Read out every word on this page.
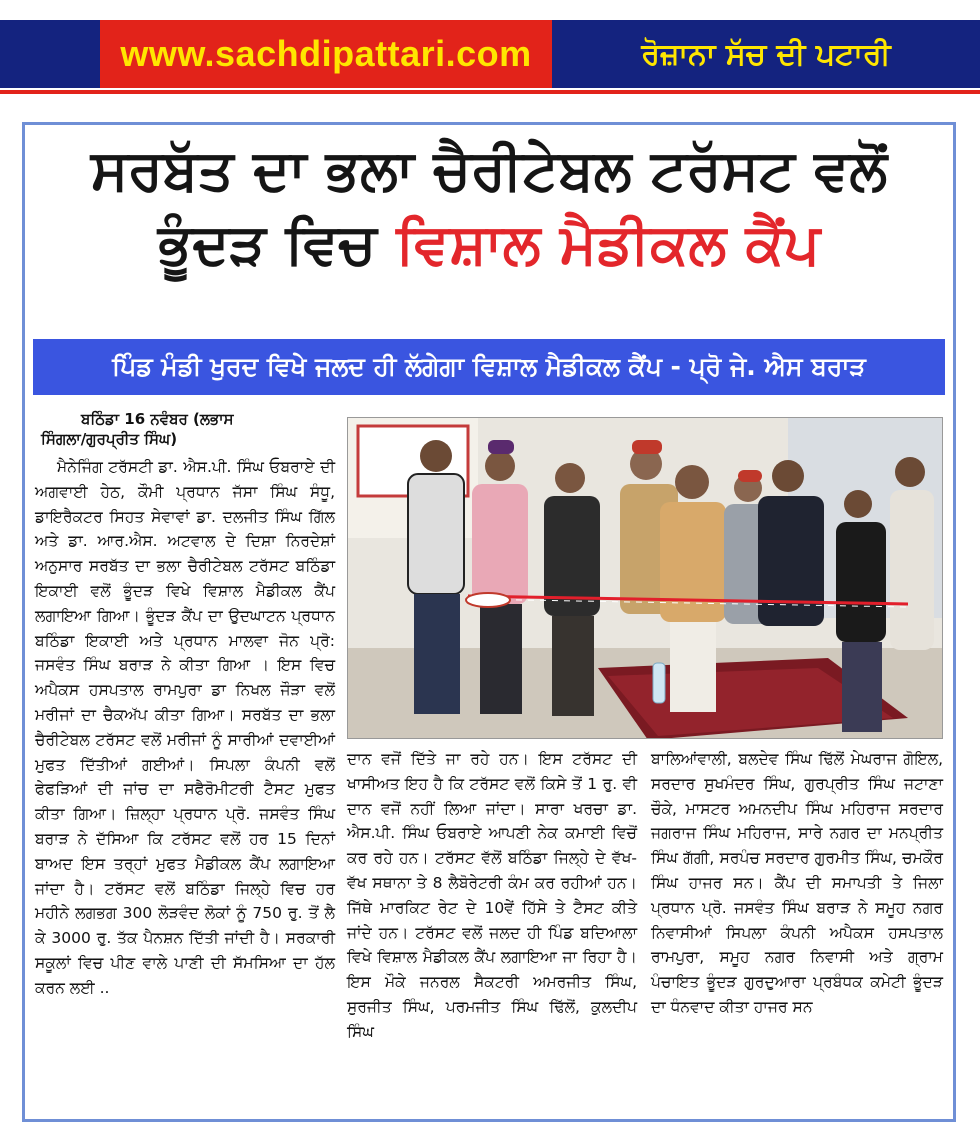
www.sachdipattari.com	ਰੋਜ਼ਾਨਾ ਸੱਚ ਦੀ ਪਟਾਰੀ
ਸਰਬੱਤ ਦਾ ਭਲਾ ਚੈਰੀਟੇਬਲ ਟਰੱਸਟ ਵਲੋਂ
ਭੂੰਦੜ ਵਿਚ ਵਿਸ਼ਾਲ ਮੈਡੀਕਲ ਕੈਂਪ
ਪਿੰਡ ਮੰਡੀ ਖੁਰਦ ਵਿਖੇ ਜਲਦ ਹੀ ਲੱਗੇਗਾ ਵਿਸ਼ਾਲ ਮੈਡੀਕਲ ਕੈਂਪ - ਪ੍ਰੋ ਜੇ. ਐਸ ਬਰਾੜ
ਬਠਿੰਡਾ 16 ਨਵੰਬਰ (ਲਭਾਸ
ਸਿੰਗਲਾ/ਗੁਰਪ੍ਰੀਤ ਸਿੰਘ)
ਮੈਨੇਜਿੰਗ ਟਰੱਸਟੀ ਡਾ. ਐਸ.ਪੀ. ਸਿੰਘ ਓਬਰਾਏ ਦੀ ਅਗਵਾਈ ਹੇਠ, ਕੌਮੀ ਪ੍ਰਧਾਨ ਜੱਸਾ ਸਿੰਘ ਸੰਧੂ, ਡਾਇਰੈਕਟਰ ਸਿਹਤ ਸੇਵਾਵਾਂ ਡਾ. ਦਲਜੀਤ ਸਿੰਘ ਗਿੱਲ ਅਤੇ ਡਾ. ਆਰ.ਐਸ. ਅਟਵਾਲ ਦੇ ਦਿਸ਼ਾ ਨਿਰਦੇਸ਼ਾਂ ਅਨੁਸਾਰ ਸਰਬੱਤ ਦਾ ਭਲਾ ਚੈਰੀਟੇਬਲ ਟਰੱਸਟ ਬਠਿੰਡਾ ਇਕਾਈ ਵਲੋਂ ਭੂੰਦੜ ਵਿਖੇ ਵਿਸ਼ਾਲ ਮੈਡੀਕਲ ਕੈਂਪ ਲਗਾਇਆ ਗਿਆ। ਭੂੰਦੜ ਕੈਂਪ ਦਾ ਉਦਘਾਟਨ ਪ੍ਰਧਾਨ ਬਠਿੰਡਾ ਇਕਾਈ ਅਤੇ ਪ੍ਰਧਾਨ ਮਾਲਵਾ ਜੋਨ ਪ੍ਰੋ: ਜਸਵੰਤ ਸਿੰਘ ਬਰਾੜ ਨੇ ਕੀਤਾ ਗਿਆ । ਇਸ ਵਿਚ ਅਪੈਕਸ ਹਸਪਤਾਲ ਰਾਮਪੁਰਾ ਡਾ ਨਿਖਲ ਜੌੜਾ ਵਲੋਂ ਮਰੀਜਾਂ ਦਾ ਚੈਕਅੱਪ ਕੀਤਾ ਗਿਆ। ਸਰਬੱਤ ਦਾ ਭਲਾ ਚੈਰੀਟੇਬਲ ਟਰੱਸਟ ਵਲੋਂ ਮਰੀਜਾਂ ਨੂੰ ਸਾਰੀਆਂ ਦਵਾਈਆਂ ਮੁਫਤ ਦਿੱਤੀਆਂ ਗਈਆਂ। ਸਿਪਲਾ ਕੰਪਨੀ ਵਲੋਂ ਫੇਫੜਿਆਂ ਦੀ ਜਾਂਚ ਦਾ ਸਫੈਰੋਮੀਟਰੀ ਟੈਸਟ ਮੁਫਤ ਕੀਤਾ ਗਿਆ। ਜ਼ਿਲ੍ਹਾ ਪ੍ਰਧਾਨ ਪ੍ਰੋ. ਜਸਵੰਤ ਸਿੰਘ ਬਰਾੜ ਨੇ ਦੱਸਿਆ ਕਿ ਟਰੱਸਟ ਵਲੋਂ ਹਰ 15 ਦਿਨਾਂ ਬਾਅਦ ਇਸ ਤਰ੍ਹਾਂ ਮੁਫਤ ਮੈਡੀਕਲ ਕੈਂਪ ਲਗਾਇਆ ਜਾਂਦਾ ਹੈ। ਟਰੱਸਟ ਵਲੋਂ ਬਠਿੰਡਾ ਜਿਲ੍ਹੇ ਵਿਚ ਹਰ ਮਹੀਨੇ ਲਗਭਗ 300 ਲੋੜਵੰਦ ਲੋਕਾਂ ਨੂੰ 750 ਰੁ. ਤੋਂ ਲੈ ਕੇ 3000 ਰੁ. ਤੱਕ ਪੈਨਸ਼ਨ ਦਿੱਤੀ ਜਾਂਦੀ ਹੈ। ਸਰਕਾਰੀ ਸਕੂਲਾਂ ਵਿਚ ਪੀਣ ਵਾਲੇ ਪਾਣੀ ਦੀ ਸੱਮਸਿਆ ਦਾ ਹੱਲ ਕਰਨ ਲਈ ..
ਦਾਨ ਵਜੋਂ ਦਿੱਤੇ ਜਾ ਰਹੇ ਹਨ। ਇਸ ਟਰੱਸਟ ਦੀ ਖਾਸੀਅਤ ਇਹ ਹੈ ਕਿ ਟਰੱਸਟ ਵਲੋਂ ਕਿਸੇ ਤੋਂ 1 ਰੁ. ਵੀ ਦਾਨ ਵਜੋਂ ਨਹੀਂ ਲਿਆ ਜਾਂਦਾ। ਸਾਰਾ ਖਰਚਾ ਡਾ. ਐਸ.ਪੀ. ਸਿੰਘ ਓਬਰਾਏ ਆਪਣੀ ਨੇਕ ਕਮਾਈ ਵਿਚੋਂ ਕਰ ਰਹੇ ਹਨ। ਟਰੱਸਟ ਵੱਲੋਂ ਬਠਿੰਡਾ ਜਿਲ੍ਹੇ ਦੇ ਵੱਖ-ਵੱਖ ਸਥਾਨਾ ਤੇ 8 ਲੈਬੋਰੇਟਰੀ ਕੰਮ ਕਰ ਰਹੀਆਂ ਹਨ। ਜਿੱਥੇ ਮਾਰਕਿਟ ਰੇਟ ਦੇ 10ਵੇਂ ਹਿੱਸੇ ਤੇ ਟੈਸਟ ਕੀਤੇ ਜਾਂਦੇ ਹਨ। ਟਰੱਸਟ ਵਲੋਂ ਜਲਦ ਹੀ ਪਿੰਡ ਬਦਿਆਲਾ ਵਿਖੇ ਵਿਸ਼ਾਲ ਮੈਡੀਕਲ ਕੈਂਪ ਲਗਾਇਆ ਜਾ ਰਿਹਾ ਹੈ। ਇਸ ਮੌਕੇ ਜਨਰਲ ਸੈਕਟਰੀ ਅਮਰਜੀਤ ਸਿੰਘ, ਸੁਰਜੀਤ ਸਿੰਘ, ਪਰਮਜੀਤ ਸਿੰਘ ਢਿੱਲੋਂ, ਕੁਲਦੀਪ ਸਿੰਘ
ਬਾਲਿਆਂਵਾਲੀ, ਬਲਦੇਵ ਸਿੰਘ ਢਿੱਲੋਂ ਮੇਘਰਾਜ ਗੋਇਲ, ਸਰਦਾਰ ਸੁਖਮੰਦਰ ਸਿੰਘ, ਗੁਰਪ੍ਰੀਤ ਸਿੰਘ ਜਟਾਣਾ ਚੌਕੇ, ਮਾਸਟਰ ਅਮਨਦੀਪ ਸਿੰਘ ਮਹਿਰਾਜ ਸਰਦਾਰ ਜਗਰਾਜ ਸਿੰਘ ਮਹਿਰਾਜ, ਸਾਰੇ ਨਗਰ ਦਾ ਮਨਪ੍ਰੀਤ ਸਿੰਘ ਗੱਗੀ, ਸਰਪੰਚ ਸਰਦਾਰ ਗੁਰਮੀਤ ਸਿੰਘ, ਚਮਕੌਰ ਸਿੰਘ ਹਾਜਰ ਸਨ। ਕੈਂਪ ਦੀ ਸਮਾਪਤੀ ਤੇ ਜਿਲਾ ਪ੍ਰਧਾਨ ਪ੍ਰੋ. ਜਸਵੰਤ ਸਿੰਘ ਬਰਾੜ ਨੇ ਸਮੂਹ ਨਗਰ ਨਿਵਾਸੀਆਂ ਸਿਪਲਾ ਕੰਪਨੀ ਅਪੈਕਸ ਹਸਪਤਾਲ ਰਾਮਪੁਰਾ, ਸਮੂਹ ਨਗਰ ਨਿਵਾਸੀ ਅਤੇ ਗ੍ਰਾਮ ਪੰਚਾਇਤ ਭੂੰਦੜ ਗੁਰਦੁਆਰਾ ਪ੍ਰਬੰਧਕ ਕਮੇਟੀ ਭੂੰਦੜ ਦਾ ਧੰਨਵਾਦ ਕੀਤਾ ਹਾਜਰ ਸਨ
